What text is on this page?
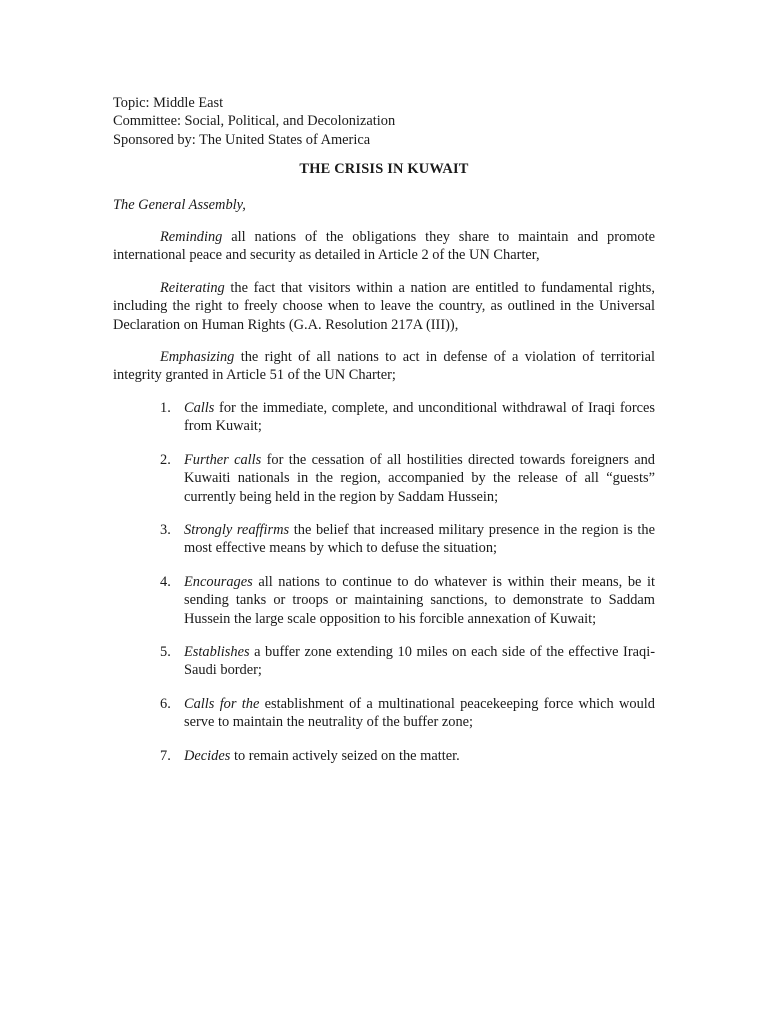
Topic: Middle East

Committee: Social, Political, and Decolonization

Sponsored by: The United States of America

THE CRISIS IN KUWAIT

The General Assembly,

Reminding all nations of the obligations they share to maintain and promote international peace and security as detailed in Article 2 of the UN Charter,

Reiterating the fact that visitors within a nation are entitled to fundamental rights, including the right to freely choose when to leave the country, as outlined in the Universal Declaration on Human Rights (G.A. Resolution 217A (III)),

Emphasizing the right of all nations to act in defense of a violation of territorial integrity granted in Article 51 of the UN Charter;

1. Calls for the immediate, complete, and unconditional withdrawal of Iraqi forces from Kuwait;
2. Further calls for the cessation of all hostilities directed towards foreigners and Kuwaiti nationals in the region, accompanied by the release of all “guests” currently being held in the region by Saddam Hussein;
3. Strongly reaffirms the belief that increased military presence in the region is the most effective means by which to defuse the situation;
4. Encourages all nations to continue to do whatever is within their means, be it sending tanks or troops or maintaining sanctions, to demonstrate to Saddam Hussein the large scale opposition to his forcible annexation of Kuwait;
5. Establishes a buffer zone extending 10 miles on each side of the effective Iraqi-Saudi border;
6. Calls for the establishment of a multinational peacekeeping force which would serve to maintain the neutrality of the buffer zone;
7. Decides to remain actively seized on the matter.
